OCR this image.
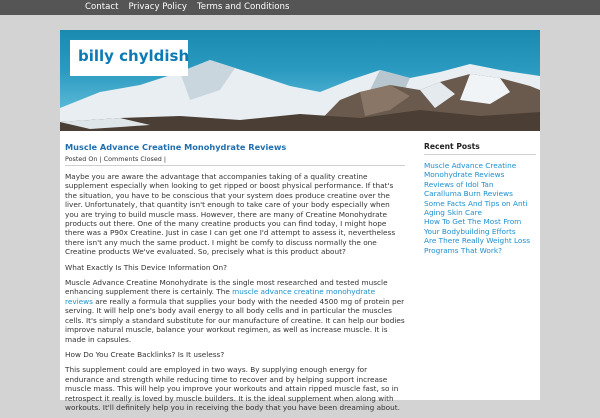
Contact	Privacy Policy	Terms and Conditions
billy chyldish
Muscle Advance Creatine Monohydrate Reviews
Posted On | Comments Closed |

Maybe you are aware the advantage that accompanies taking of a quality creatine supplement especially when looking to get ripped or boost physical performance. If that's the situation, you have to be conscious that your system does produce creatine over the liver. Unfortunately, that quantity isn't enough to take care of your body especially when you are trying to build muscle mass. However, there are many of Creatine Monohydrate products out there. One of the many creatine products you can find today, I might hope there was a P90x Creatine. Just in case I can get one I'd attempt to assess it, nevertheless there isn't any much the same product. I might be comfy to discuss normally the one Creatine products We've evaluated. So, precisely what is this product about?

What Exactly Is This Device Information On?

Muscle Advance Creatine Monohydrate is the single most researched and tested muscle enhancing supplement there is certainly. The muscle advance creatine monohydrate reviews are really a formula that supplies your body with the needed 4500 mg of protein per serving. It will help one's body avail energy to all body cells and in particular the muscles cells. It's simply a standard substitute for our manufacture of creatine. It can help our bodies improve natural muscle, balance your workout regimen, as well as increase muscle. It is made in capsules.

How Do You Create Backlinks? Is It useless?

This supplement could are employed in two ways. By supplying enough energy for endurance and strength while reducing time to recover and by helping support increase muscle mass. This will help you improve your workouts and attain ripped muscle fast, so in retrospect it really is loved by muscle builders. It is the ideal supplement when along with workouts. It'll definitely help you in receiving the body that you have been dreaming about.

Recent Posts
Muscle Advance Creatine Monohydrate Reviews
Reviews of Idol Tan
Caralluma Burn Reviews
Some Facts And Tips on Anti Aging Skin Care
How To Get The Most From Your Bodybuilding Efforts
Are There Really Weight Loss Programs That Work?
